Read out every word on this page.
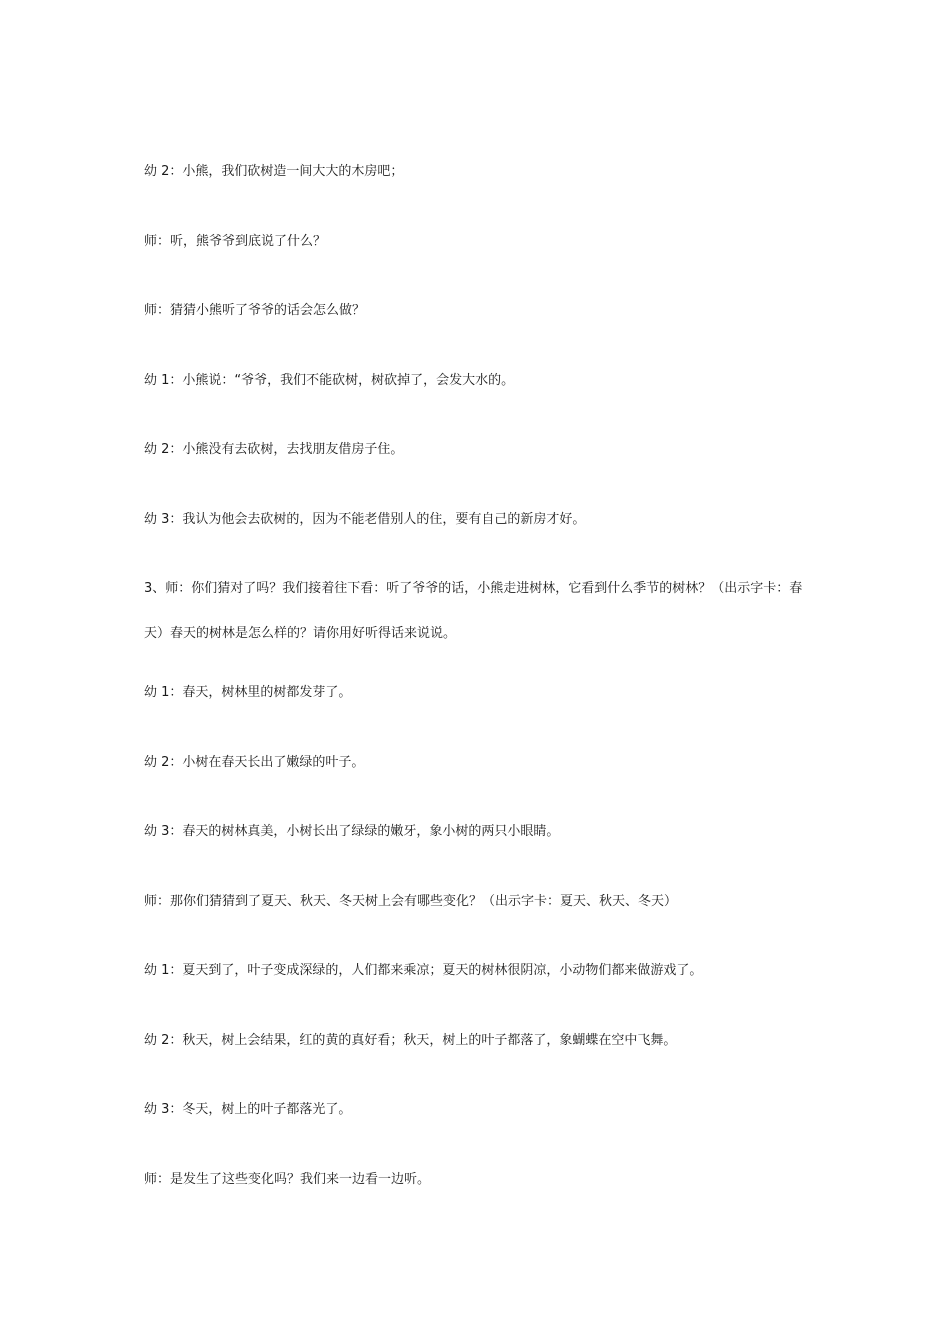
幼 2：小熊，我们砍树造一间大大的木房吧；

师：听，熊爷爷到底说了什么？

师：猜猜小熊听了爷爷的话会怎么做？

幼 1：小熊说：“爷爷，我们不能砍树，树砍掉了，会发大水的。

幼 2：小熊没有去砍树，去找朋友借房子住。

幼 3：我认为他会去砍树的，因为不能老借别人的住，要有自己的新房才好。

3、师：你们猜对了吗？我们接着往下看：听了爷爷的话，小熊走进树林，它看到什么季节的树林？（出示字卡：春天）春天的树林是怎么样的？请你用好听得话来说说。

幼 1：春天，树林里的树都发芽了。

幼 2：小树在春天长出了嫩绿的叶子。

幼 3：春天的树林真美，小树长出了绿绿的嫩牙，象小树的两只小眼睛。

师：那你们猜猜到了夏天、秋天、冬天树上会有哪些变化？（出示字卡：夏天、秋天、冬天）

幼 1：夏天到了，叶子变成深绿的，人们都来乘凉；夏天的树林很阴凉，小动物们都来做游戏了。

幼 2：秋天，树上会结果，红的黄的真好看；秋天，树上的叶子都落了，象蝴蝶在空中飞舞。

幼 3：冬天，树上的叶子都落光了。

师：是发生了这些变化吗？我们来一边看一边听。
